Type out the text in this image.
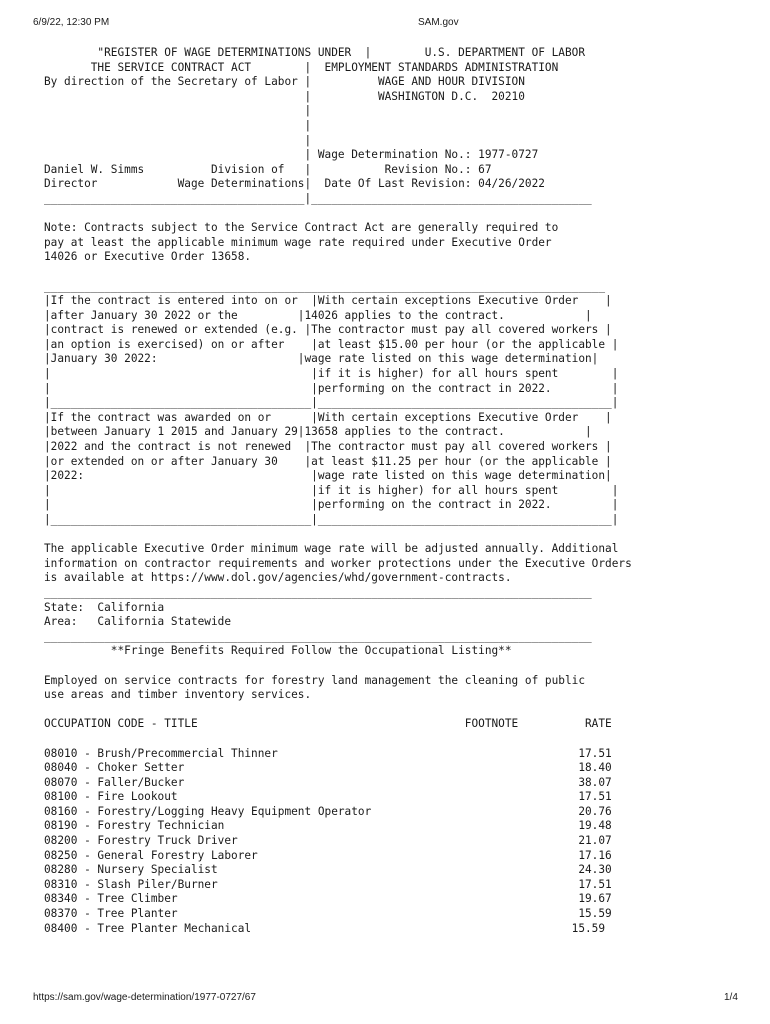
6/9/22, 12:30 PM	SAM.gov
"REGISTER OF WAGE DETERMINATIONS UNDER  |        U.S. DEPARTMENT OF LABOR
THE SERVICE CONTRACT ACT        |  EMPLOYMENT STANDARDS ADMINISTRATION
By direction of the Secretary of Labor |          WAGE AND HOUR DIVISION
|          WASHINGTON D.C.  20210
|
|
|
| Wage Determination No.: 1977-0727
Daniel W. Simms          Division of   |           Revision No.: 67
Director            Wage Determinations|  Date Of Last Revision: 04/26/2022
_______________________________________|__________________________________________

Note: Contracts subject to the Service Contract Act are generally required to
pay at least the applicable minimum wage rate required under Executive Order
14026 or Executive Order 13658.

____________________________________________________________________________________
|If the contract is entered into on or  |With certain exceptions Executive Order    |
|after January 30 2022 or the         |14026 applies to the contract.            |
|contract is renewed or extended (e.g. |The contractor must pay all covered workers |
|an option is exercised) on or after    |at least $15.00 per hour (or the applicable |
|January 30 2022:                     |wage rate listed on this wage determination|
|                                       |if it is higher) for all hours spent        |
|                                       |performing on the contract in 2022.         |
|_______________________________________|____________________________________________|
|If the contract was awarded on or      |With certain exceptions Executive Order    |
|between January 1 2015 and January 29|13658 applies to the contract.            |
|2022 and the contract is not renewed  |The contractor must pay all covered workers |
|or extended on or after January 30    |at least $11.25 per hour (or the applicable |
|2022:                                  |wage rate listed on this wage determination|
|                                       |if it is higher) for all hours spent        |
|                                       |performing on the contract in 2022.         |
|_______________________________________|____________________________________________|

The applicable Executive Order minimum wage rate will be adjusted annually. Additional
information on contractor requirements and worker protections under the Executive Orders
is available at https://www.dol.gov/agencies/whd/government-contracts.
__________________________________________________________________________________
State:  California
Area:   California Statewide
__________________________________________________________________________________
**Fringe Benefits Required Follow the Occupational Listing**

Employed on service contracts for forestry land management the cleaning of public
use areas and timber inventory services.

OCCUPATION CODE - TITLE                                        FOOTNOTE          RATE

08010 - Brush/Precommercial Thinner                                             17.51
08040 - Choker Setter                                                           18.40
08070 - Faller/Bucker                                                           38.07
08100 - Fire Lookout                                                            17.51
08160 - Forestry/Logging Heavy Equipment Operator                               20.76
08190 - Forestry Technician                                                     19.48
08200 - Forestry Truck Driver                                                   21.07
08250 - General Forestry Laborer                                                17.16
08280 - Nursery Specialist                                                      24.30
08310 - Slash Piler/Burner                                                      17.51
08340 - Tree Climber                                                            19.67
08370 - Tree Planter                                                            15.59
08400 - Tree Planter Mechanical                                                15.59
https://sam.gov/wage-determination/1977-0727/67	1/4
